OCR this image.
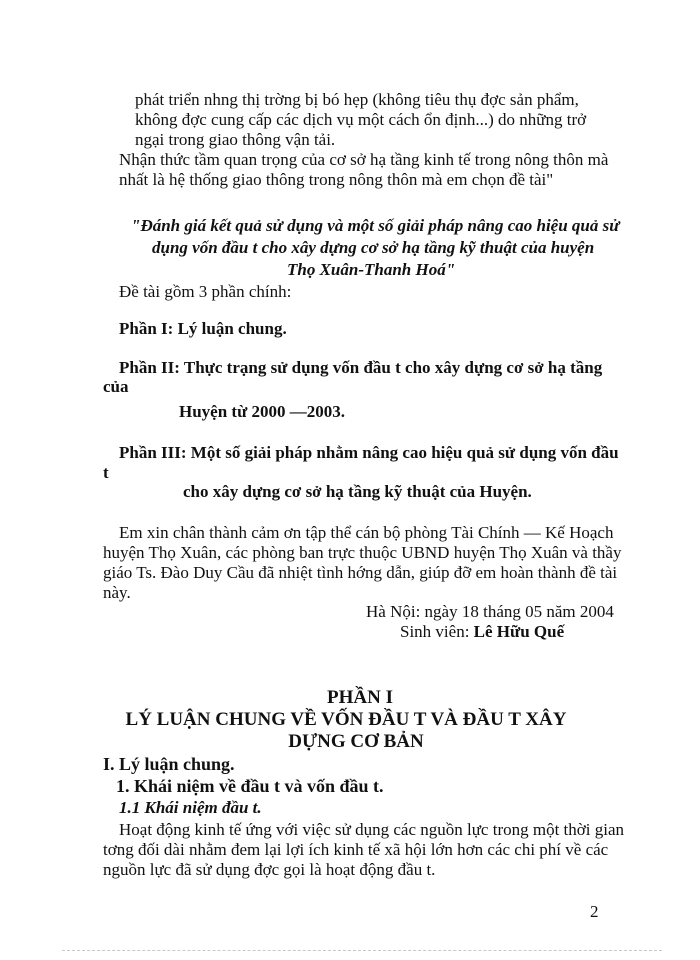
phát triển nhng thị trờng bị bó hẹp (không tiêu thụ đợc sản phẩm,
không đợc cung cấp các dịch vụ một cách ổn định...) do những trở
ngại trong giao thông vận tải.
Nhận thức tầm quan trọng của cơ sở hạ tầng kinh tế trong nông thôn mà
nhất là hệ thống giao thông trong nông thôn mà em chọn đề tài"
"Đánh giá kết quả sử dụng và một số giải pháp nâng cao hiệu quả sử
dụng vốn đầu t cho xây dựng cơ sở hạ tầng kỹ thuật của huyện
Thọ Xuân-Thanh Hoá"
Đề tài gồm 3 phần chính:
Phần I: Lý luận chung.
Phần II: Thực trạng sử dụng vốn đầu t cho xây dựng cơ sở hạ tầng
của
Huyện từ 2000 —2003.
Phần III: Một số giải pháp nhằm nâng cao hiệu quả sử dụng vốn đầu
t
cho xây dựng cơ sở hạ tầng kỹ thuật của Huyện.
Em xin chân thành cảm ơn tập thể cán bộ phòng Tài Chính — Kế Hoạch
huyện Thọ Xuân, các phòng ban trực thuộc UBND huyện Thọ Xuân và thầy
giáo Ts. Đào Duy Cầu đã nhiệt tình hớng dẫn, giúp đỡ em hoàn thành đề tài
này.
Hà Nội: ngày 18 tháng 05 năm 2004
Sinh viên: Lê Hữu Quế
PHẦN I
LÝ LUẬN CHUNG VỀ VỐN ĐẦU T VÀ ĐẦU T XÂY
DỰNG CƠ BẢN
I. Lý luận chung.
1. Khái niệm về đầu t và vốn đầu t.
1.1 Khái niệm đầu t.
Hoạt động kinh tế ứng với việc sử dụng các nguồn lực trong một thời gian
tơng đối dài nhằm đem lại lợi ích kinh tế xã hội lớn hơn các chi phí về các
nguồn lực đã sử dụng đợc gọi là hoạt động đầu t.
2
